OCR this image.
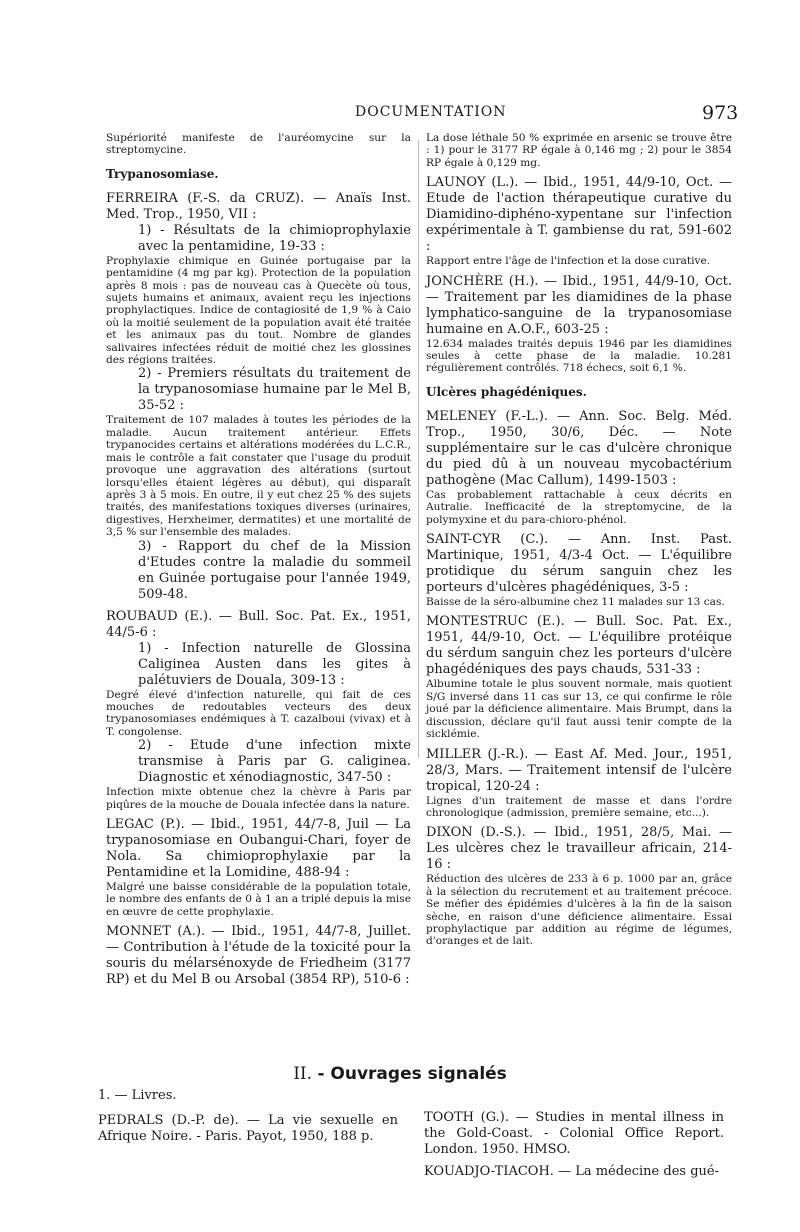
DOCUMENTATION	973

Supériorité manifeste de l'auréomycine sur la streptomycine.

Trypanosomiase.

FERREIRA (F.-S. da CRUZ). — Anaïs Inst. Med. Trop., 1950, VII :

1) - Résultats de la chimioprophylaxie avec la pentamidine, 19-33 :

Prophylaxie chimique en Guinée portugaise par la pentamidine (4 mg par kg). Protection de la population après 8 mois : pas de nouveau cas à Quecète où tous, sujets humains et animaux, avaient reçu les injections prophylactiques. Indice de contagiosité de 1,9 % à Caio où la moitié seulement de la population avait été traitée et les animaux pas du tout. Nombre de glandes salivaires infectées réduit de moitié chez les glossines des régions traitées.

2) - Premiers résultats du traitement de la trypanosomiase humaine par le Mel B, 35-52 :

Traitement de 107 malades à toutes les périodes de la maladie. Aucun traitement antérieur. Effets trypanocides certains et altérations modérées du L.C.R., mais le contrôle a fait constater que l'usage du produit provoque une aggravation des altérations (surtout lorsqu'elles étaient légères au début), qui disparaît après 3 à 5 mois. En outre, il y eut chez 25 % des sujets traités, des manifestations toxiques diverses (urinaires, digestives, Herxheimer, dermatites) et une mortalité de 3,5 % sur l'ensemble des malades.

3) - Rapport du chef de la Mission d'Etudes contre la maladie du sommeil en Guinée portugaise pour l'année 1949, 509-48.

ROUBAUD (E.). — Bull. Soc. Pat. Ex., 1951, 44/5-6 :

1) - Infection naturelle de Glossina Caliginea Austen dans les gites à palétuviers de Douala, 309-13 :

Degré élevé d'infection naturelle, qui fait de ces mouches de redoutables vecteurs des deux trypanosomiases endémiques à T. cazalboui (vivax) et à T. congolense.

2) - Etude d'une infection mixte transmise à Paris par G. caliginea. Diagnostic et xénodiagnostic, 347-50 :

Infection mixte obtenue chez la chèvre à Paris par piqûres de la mouche de Douala infectée dans la nature.

LEGAC (P.). — Ibid., 1951, 44/7-8, Juil — La trypanosomiase en Oubangui-Chari, foyer de Nola. Sa chimioprophylaxie par la Pentamidine et la Lomidine, 488-94 :

Malgré une baisse considérable de la population totale, le nombre des enfants de 0 à 1 an a triplé depuis la mise en œuvre de cette prophylaxie.

MONNET (A.). — Ibid., 1951, 44/7-8, Juillet. — Contribution à l'étude de la toxicité pour la souris du mélarsénoxyde de Friedheim (3177 RP) et du Mel B ou Arsobal (3854 RP), 510-6 :

La dose léthale 50 % exprimée en arsenic se trouve être : 1) pour le 3177 RP égale à 0,146 mg ; 2) pour le 3854 RP égale à 0,129 mg.

LAUNOY (L.). — Ibid., 1951, 44/9-10, Oct. — Etude de l'action thérapeutique curative du Diamidino-diphéno-xypentane sur l'infection expérimentale à T. gambiense du rat, 591-602 :

Rapport entre l'âge de l'infection et la dose curative.

JONCHÈRE (H.). — Ibid., 1951, 44/9-10, Oct. — Traitement par les diamidines de la phase lymphatico-sanguine de la trypanosomiase humaine en A.O.F., 603-25 :

12.634 malades traités depuis 1946 par les diamidines seules à cette phase de la maladie. 10.281 régulièrement contrôlés. 718 échecs, soit 6,1 %.

Ulcères phagédéniques.

MELENEY (F.-L.). — Ann. Soc. Belg. Méd. Trop., 1950, 30/6, Déc. — Note supplémentaire sur le cas d'ulcère chronique du pied dû à un nouveau mycobactérium pathogène (Mac Callum), 1499-1503 :

Cas probablement rattachable à ceux décrits en Autralie. Inefficacité de la streptomycine, de la polymyxine et du para-chioro-phénol.

SAINT-CYR (C.). — Ann. Inst. Past. Martinique, 1951, 4/3-4 Oct. — L'équilibre protidique du sérum sanguin chez les porteurs d'ulcères phagédéniques, 3-5 :

Baisse de la séro-albumine chez 11 malades sur 13 cas.

MONTESTRUC (E.). — Bull. Soc. Pat. Ex., 1951, 44/9-10, Oct. — L'équilibre protéique du sérdum sanguin chez les porteurs d'ulcère phagédéniques des pays chauds, 531-33 :

Albumine totale le plus souvent normale, mais quotient S/G inversé dans 11 cas sur 13, ce qui confirme le rôle joué par la déficience alimentaire. Mais Brumpt, dans la discussion, déclare qu'il faut aussi tenir compte de la sicklémie.

MILLER (J.-R.). — East Af. Med. Jour., 1951, 28/3, Mars. — Traitement intensif de l'ulcère tropical, 120-24 :

Lignes d'un traitement de masse et dans l'ordre chronologique (admission, première semaine, etc...).

DIXON (D.-S.). — Ibid., 1951, 28/5, Mai. — Les ulcères chez le travailleur africain, 214-16 :

Réduction des ulcères de 233 à 6 p. 1000 par an, grâce à la sélection du recrutement et au traitement précoce. Se méfier des épidémies d'ulcères à la fin de la saison sèche, en raison d'une déficience alimentaire. Essai prophylactique par addition au régime de légumes, d'oranges et de lait.

II. - Ouvrages signalés

1. — Livres.

PEDRALS (D.-P. de). — La vie sexuelle en Afrique Noire. - Paris. Payot, 1950, 188 p.

TOOTH (G.). — Studies in mental illness in the Gold-Coast. - Colonial Office Report. London. 1950. HMSO.

KOUADJO-TIACOH. — La médecine des gué-
